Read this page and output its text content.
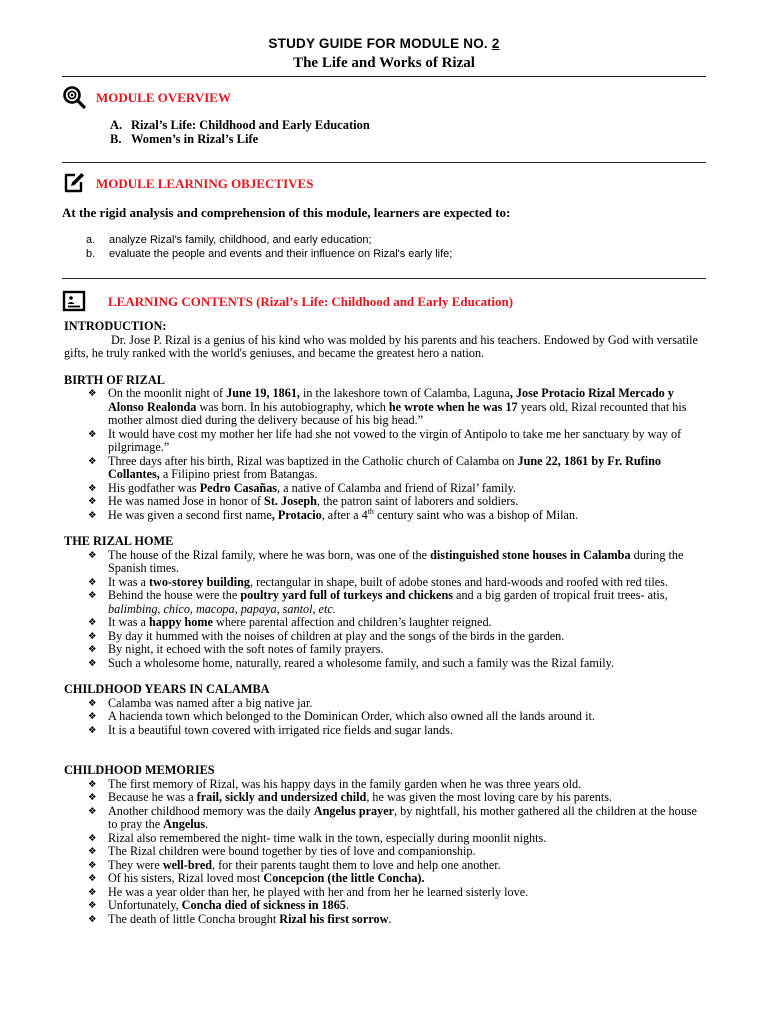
STUDY GUIDE FOR MODULE NO. 2
The Life and Works of Rizal
MODULE OVERVIEW
A. Rizal’s Life: Childhood and Early Education
B. Women’s in Rizal’s Life
MODULE LEARNING OBJECTIVES
At the rigid analysis and comprehension of this module, learners are expected to:
a. analyze Rizal’s family, childhood, and early education;
b. evaluate the people and events and their influence on Rizal's early life;
LEARNING CONTENTS (Rizal’s Life: Childhood and Early Education)
INTRODUCTION:

Dr. Jose P. Rizal is a genius of his kind who was molded by his parents and his teachers. Endowed by God with versatile gifts, he truly ranked with the world's geniuses, and became the greatest hero a nation.

BIRTH OF RIZAL
❖ On the moonlit night of June 19, 1861, in the lakeshore town of Calamba, Laguna, Jose Protacio Rizal Mercado y Alonso Realonda was born. In his autobiography, which he wrote when he was 17 years old, Rizal recounted that his mother almost died during the delivery because of his big head.”
❖ It would have cost my mother her life had she not vowed to the virgin of Antipolo to take me her sanctuary by way of pilgrimage.”
❖ Three days after his birth, Rizal was baptized in the Catholic church of Calamba on June 22, 1861 by Fr. Rufino Collantes, a Filipino priest from Batangas.
❖ His godfather was Pedro Casañas, a native of Calamba and friend of Rizal’ family.
❖ He was named Jose in honor of St. Joseph, the patron saint of laborers and soldiers.
❖ He was given a second first name, Protacio, after a 4th century saint who was a bishop of Milan.
THE RIZAL HOME
❖ The house of the Rizal family, where he was born, was one of the distinguished stone houses in Calamba during the Spanish times.
❖ It was a two-storey building, rectangular in shape, built of adobe stones and hard-woods and roofed with red tiles.
❖ Behind the house were the poultry yard full of turkeys and chickens and a big garden of tropical fruit trees- atis, balimbing, chico, macopa, papaya, santol, etc.
❖ It was a happy home where parental affection and children’s laughter reigned.
❖ By day it hummed with the noises of children at play and the songs of the birds in the garden.
❖ By night, it echoed with the soft notes of family prayers.
❖ Such a wholesome home, naturally, reared a wholesome family, and such a family was the Rizal family.
CHILDHOOD YEARS IN CALAMBA
❖ Calamba was named after a big native jar.
❖ A hacienda town which belonged to the Dominican Order, which also owned all the lands around it.
❖ It is a beautiful town covered with irrigated rice fields and sugar lands.
CHILDHOOD MEMORIES
❖ The first memory of Rizal, was his happy days in the family garden when he was three years old.
❖ Because he was a frail, sickly and undersized child, he was given the most loving care by his parents.
❖ Another childhood memory was the daily Angelus prayer, by nightfall, his mother gathered all the children at the house to pray the Angelus.
❖ Rizal also remembered the night- time walk in the town, especially during moonlit nights.
❖ The Rizal children were bound together by ties of love and companionship.
❖ They were well-bred, for their parents taught them to love and help one another.
❖ Of his sisters, Rizal loved most Concepcion (the little Concha).
❖ He was a year older than her, he played with her and from her he learned sisterly love.
❖ Unfortunately, Concha died of sickness in 1865.
❖ The death of little Concha brought Rizal his first sorrow.
